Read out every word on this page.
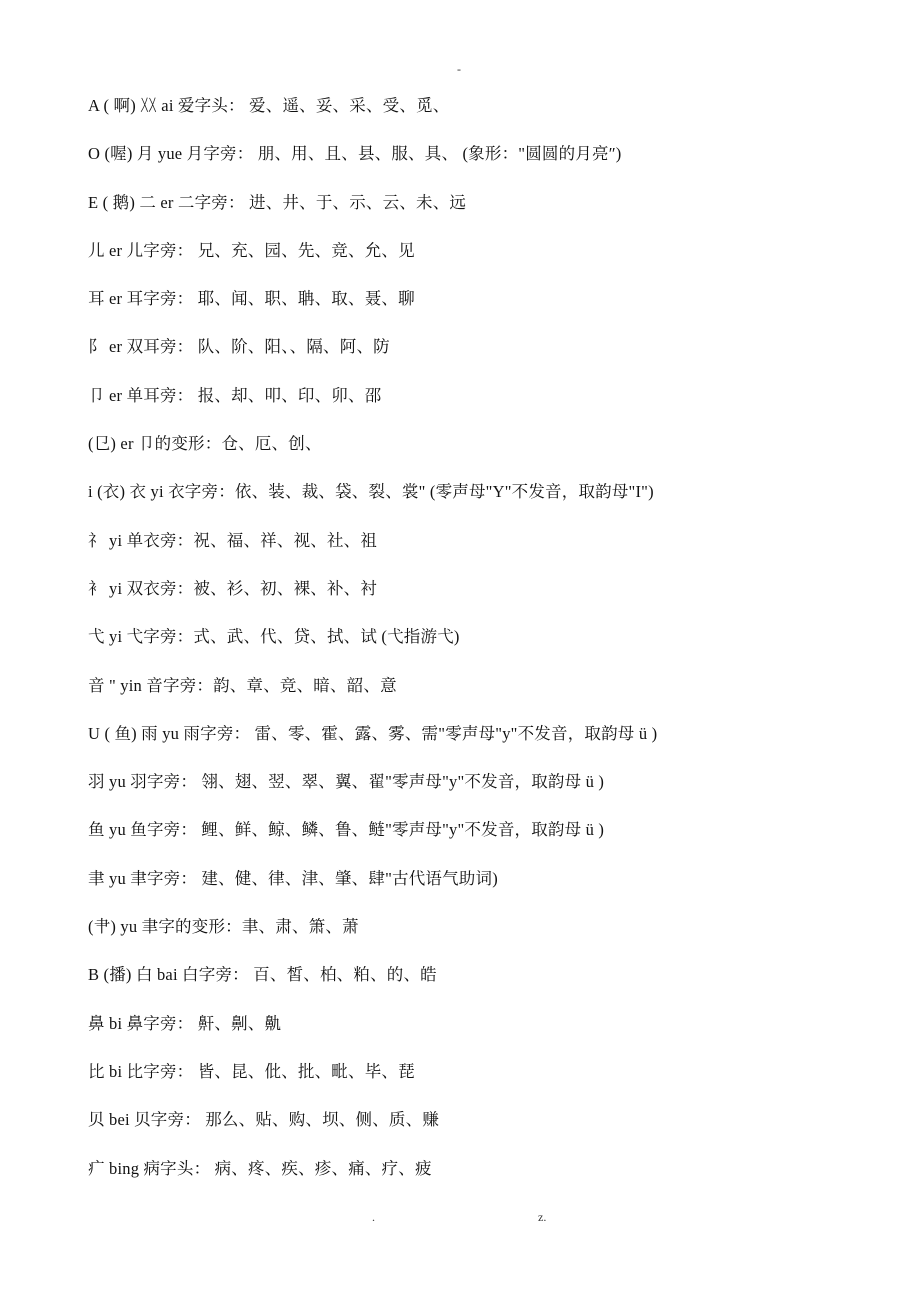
-
A ( 啊) 〷 ai 爱字头： 爱、遥、妥、采、受、觅、
O (喔) 月 yue 月字旁： 朋、用、且、县、服、具、 (象形："圆圆的月亮″)
E ( 鹅) 二 er 二字旁： 进、井、于、示、云、未、远
儿 er 儿字旁： 兄、充、园、先、竞、允、见
耳 er 耳字旁： 耶、闻、职、聃、取、聂、聊
阝 er 双耳旁： 队、阶、阳、、隔、阿、防
卩 er 单耳旁： 报、却、叩、印、卯、邵
(㔾) er 卩的变形：仓、厄、创、
i (衣) 衣 yi 衣字旁：依、装、裁、袋、裂、裳" (零声母"Y"不发音，取韵母"I")
礻 yi 单衣旁：祝、福、祥、视、社、祖
衤 yi 双衣旁：被、衫、初、裸、补、衬
弋 yi 弋字旁：式、武、代、贷、拭、试 (弋指游弋)
音 " yin 音字旁：韵、章、竞、暗、韶、意
U ( 鱼) 雨 yu 雨字旁： 雷、零、霍、露、雾、需"零声母"y"不发音，取韵母 ü )
羽 yu 羽字旁： 翎、翅、翌、翠、翼、翟"零声母"y"不发音，取韵母 ü )
鱼 yu 鱼字旁： 鲤、鲜、鲸、鳞、鲁、鲢"零声母"y"不发音，取韵母 ü )
聿 yu 聿字旁： 建、健、律、津、肇、肆"古代语气助词)
(⺺) yu 聿字的变形：聿、肃、箫、萧
B (播) 白 bai 白字旁： 百、皙、柏、粕、的、皓
鼻 bi 鼻字旁： 鼾、劓、鼽
比 bi 比字旁： 皆、昆、仳、批、毗、毕、琵
贝 bei 贝字旁： 那么、贴、购、坝、侧、质、赚
疒 bing 病字头： 病、疼、疾、疹、痛、疗、疲
.	z.
